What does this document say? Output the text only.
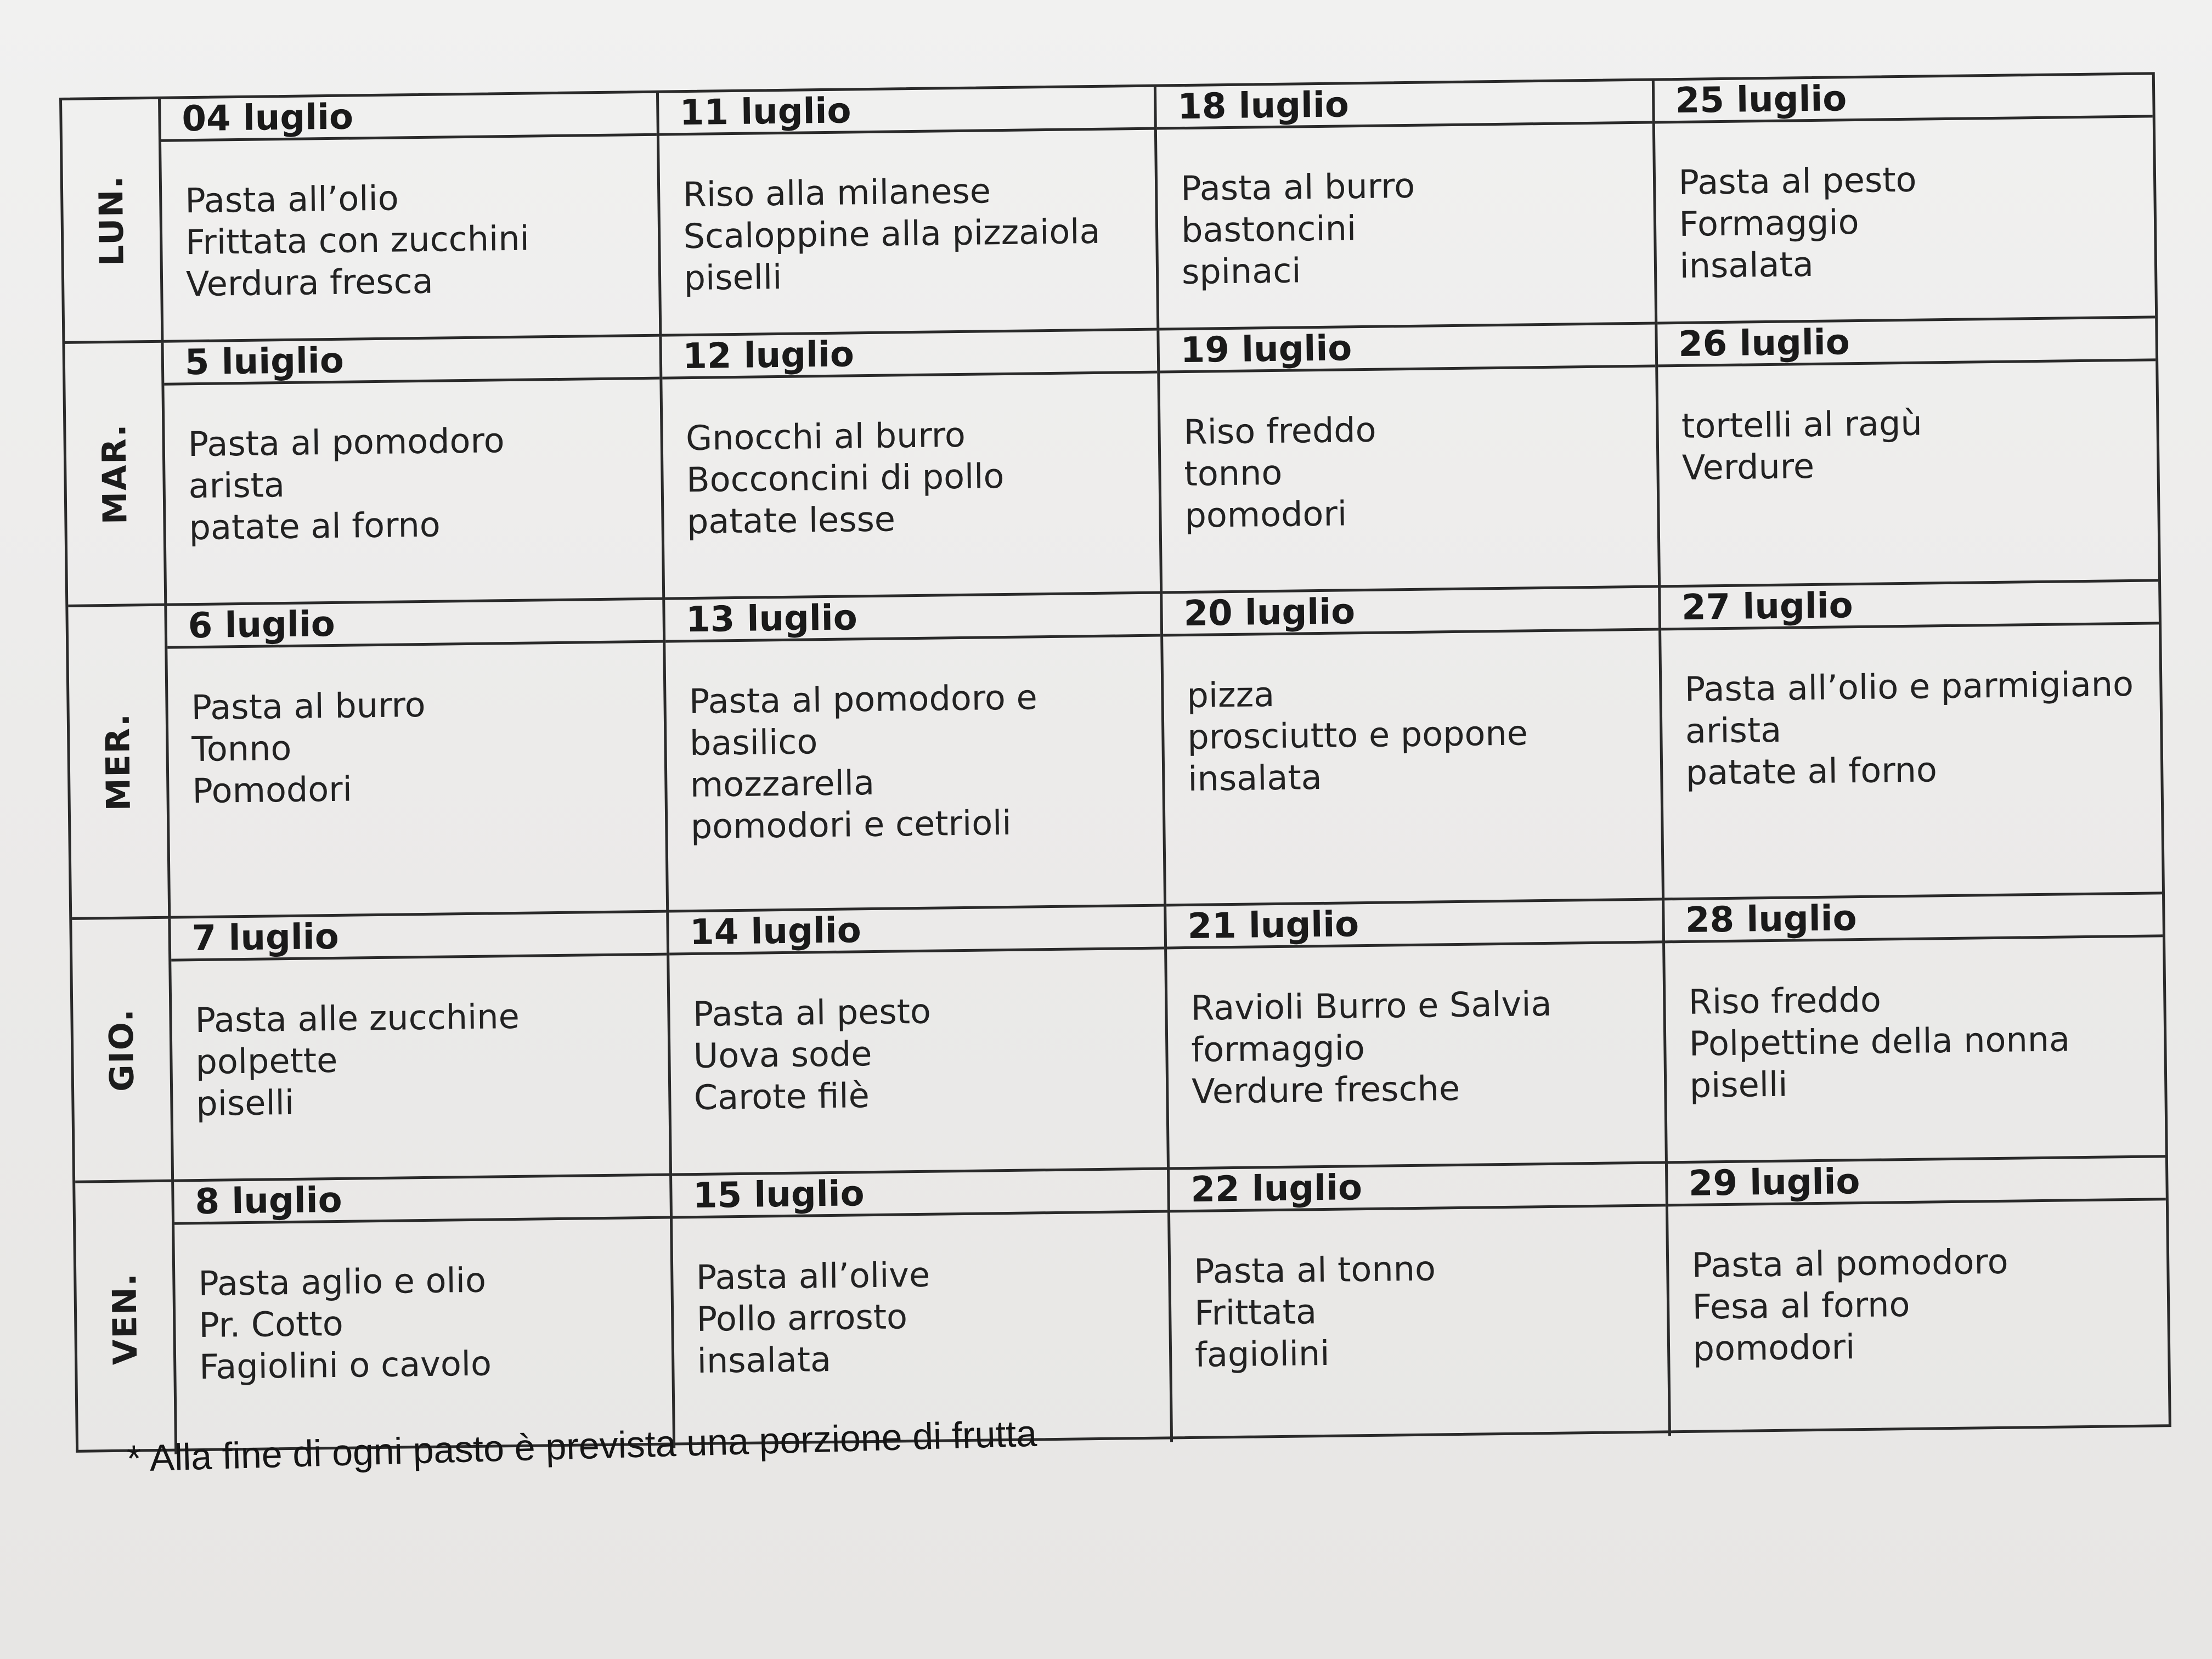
LUN.
04 luglio
Pasta all’olio
Frittata con zucchini
Verdura fresca
11 luglio
Riso alla milanese
Scaloppine alla pizzaiola
piselli
18 luglio
Pasta al burro
bastoncini
spinaci
25 luglio
Pasta al pesto
Formaggio
insalata
MAR.
5 luiglio
Pasta al pomodoro
arista
patate al forno
12 luglio
Gnocchi al burro
Bocconcini di pollo
patate lesse
19 luglio
Riso freddo
tonno
pomodori
26 luglio
tortelli al ragù
Verdure
MER.
6 luglio
Pasta al burro
Tonno
Pomodori
13 luglio
Pasta al pomodoro e
basilico
mozzarella
pomodori e cetrioli
20 luglio
pizza
prosciutto e popone
insalata
27 luglio
Pasta all’olio e parmigiano
arista
patate al forno
GIO.
7 luglio
Pasta alle zucchine
polpette
piselli
14 luglio
Pasta al pesto
Uova sode
Carote filè
21 luglio
Ravioli Burro e Salvia
formaggio
Verdure fresche
28 luglio
Riso freddo
Polpettine della nonna
piselli
VEN.
8 luglio
Pasta aglio e olio
Pr. Cotto
Fagiolini o cavolo
15 luglio
Pasta all’olive
Pollo arrosto
insalata
22 luglio
Pasta al tonno
Frittata
fagiolini
29 luglio
Pasta al pomodoro
Fesa al forno
pomodori
* Alla fine di ogni pasto è prevista una porzione di frutta
